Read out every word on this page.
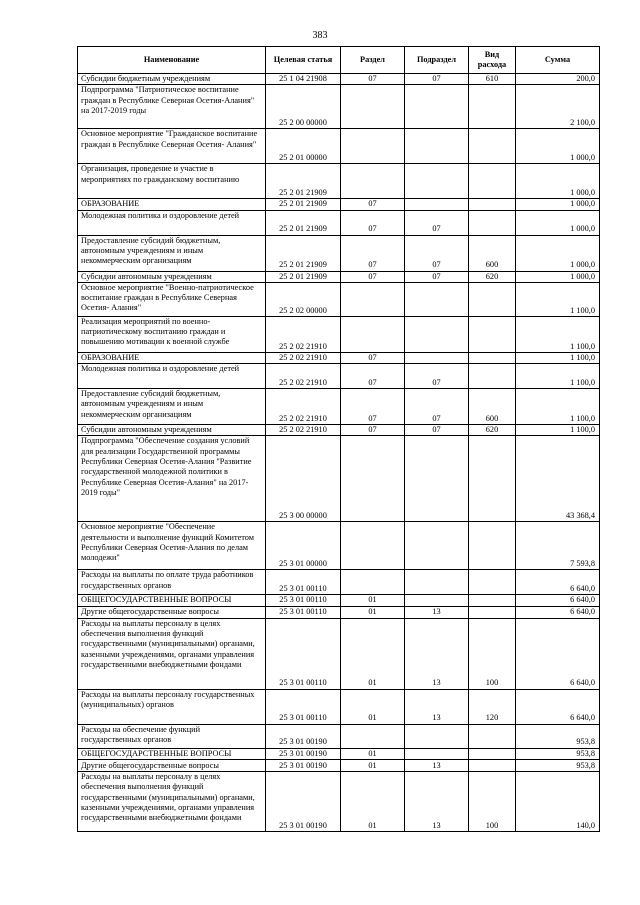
383
Наименование	Целевая статья	Раздел	Подраздел	Вид расхода	Сумма
Субсидии бюджетным учреждениям	25 1 04 21908	07	07	610	200,0
Подпрограмма "Патриотическое воспитание граждан в Республике Северная Осетия-Алания" на 2017-2019 годы	25 2 00 00000				2 100,0
Основное мероприятие "Гражданское воспитание граждан в Республике Северная Осетия- Алания"	25 2 01 00000				1 000,0
Организация, проведение и участие в мероприятиях по гражданскому воспитанию	25 2 01 21909				1 000,0
ОБРАЗОВАНИЕ	25 2 01 21909	07			1 000,0
Молодежная политика и оздоровление детей	25 2 01 21909	07	07		1 000,0
Предоставление субсидий бюджетным, автономным учреждениям и иным некоммерческим организациям	25 2 01 21909	07	07	600	1 000,0
Субсидии автономным учреждениям	25 2 01 21909	07	07	620	1 000,0
Основное мероприятие "Военно-патриотическое воспитание граждан в Республике Северная Осетия- Алания"	25 2 02 00000				1 100,0
Реализация мероприятий по военно-патриотическому воспитанию граждан и повышению мотивации к военной службе	25 2 02 21910				1 100,0
ОБРАЗОВАНИЕ	25 2 02 21910	07			1 100,0
Молодежная политика и оздоровление детей	25 2 02 21910	07	07		1 100,0
Предоставление субсидий бюджетным, автономным учреждениям и иным некоммерческим организациям	25 2 02 21910	07	07	600	1 100,0
Субсидии автономным учреждениям	25 2 02 21910	07	07	620	1 100,0
Подпрограмма "Обеспечение создания условий для реализации Государственной программы Республики Северная Осетия-Алания "Развитие государственной молодежной политики в Республике Северная Осетия-Алания" на 2017-2019 годы"	25 3 00 00000				43 368,4
Основное мероприятие "Обеспечение деятельности и выполнение функций Комитетом Республики Северная Осетия-Алания по делам молодежи"	25 3 01 00000				7 593,8
Расходы на выплаты по оплате труда работников государственных органов	25 3 01 00110				6 640,0
ОБЩЕГОСУДАРСТВЕННЫЕ ВОПРОСЫ	25 3 01 00110	01			6 640,0
Другие общегосударственные вопросы	25 3 01 00110	01	13		6 640,0
Расходы на выплаты персоналу в целях обеспечения выполнения функций государственными (муниципальными) органами, казенными учреждениями, органами управления государственными внебюджетными фондами	25 3 01 00110	01	13	100	6 640,0
Расходы на выплаты персоналу государственных (муниципальных) органов	25 3 01 00110	01	13	120	6 640,0
Расходы на обеспечение функций государственных органов	25 3 01 00190				953,8
ОБЩЕГОСУДАРСТВЕННЫЕ ВОПРОСЫ	25 3 01 00190	01			953,8
Другие общегосударственные вопросы	25 3 01 00190	01	13		953,8
Расходы на выплаты персоналу в целях обеспечения выполнения функций государственными (муниципальными) органами, казенными учреждениями, органами управления государственными внебюджетными фондами	25 3 01 00190	01	13	100	140,0
